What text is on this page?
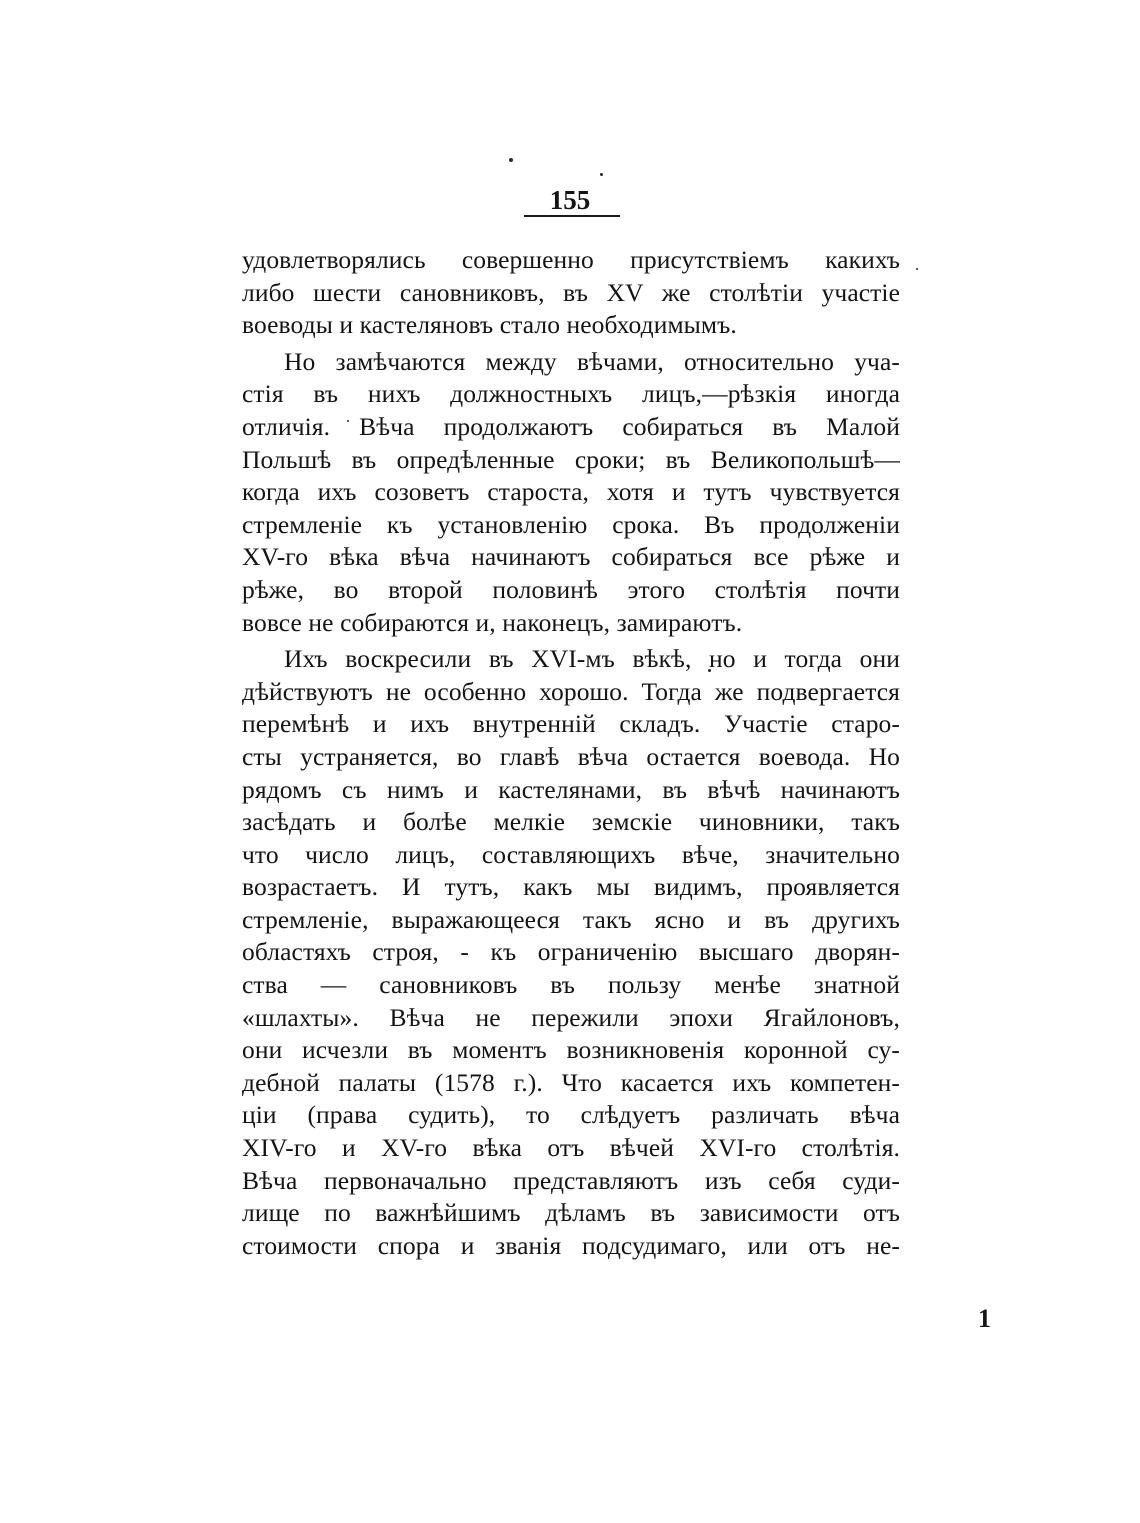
155
удовлетворялись совершенно присутствіемъ какихъ
либо шести сановниковъ, въ XV же столѣтіи участіе
воеводы и кастеляновъ стало необходимымъ.
Но замѣчаются между вѣчами, относительно уча-
стія въ нихъ должностныхъ лицъ,—рѣзкія иногда
отличія. Вѣча продолжаютъ собираться въ Малой
Польшѣ въ опредѣленные сроки; въ Великопольшѣ—
когда ихъ созоветъ староста, хотя и тутъ чувствуется
стремленіе къ установленію срока. Въ продолженіи
XV-го вѣка вѣча начинаютъ собираться все рѣже и
рѣже, во второй половинѣ этого столѣтія почти
вовсе не собираются и, наконецъ, замираютъ.
Ихъ воскресили въ XVI-мъ вѣкѣ, но и тогда они
дѣйствуютъ не особенно хорошо. Тогда же подвергается
перемѣнѣ и ихъ внутренній складъ. Участіе старо-
сты устраняется, во главѣ вѣча остается воевода. Но
рядомъ съ нимъ и кастелянами, въ вѣчѣ начинаютъ
засѣдать и болѣе мелкіе земскіе чиновники, такъ
что число лицъ, составляющихъ вѣче, значительно
возрастаетъ. И тутъ, какъ мы видимъ, проявляется
стремленіе, выражающееся такъ ясно и въ другихъ
областяхъ строя, - къ ограниченію высшаго дворян-
ства — сановниковъ въ пользу менѣе знатной
«шлахты». Вѣча не пережили эпохи Ягайлоновъ,
они исчезли въ моментъ возникновенія коронной су-
дебной палаты (1578 г.). Что касается ихъ компетен-
ціи (права судить), то слѣдуетъ различать вѣча
XIV-го и XV-го вѣка отъ вѣчей XVI-го столѣтія.
Вѣча первоначально представляютъ изъ себя суди-
лище по важнѣйшимъ дѣламъ въ зависимости отъ
стоимости спора и званія подсудимаго, или отъ не-
1
